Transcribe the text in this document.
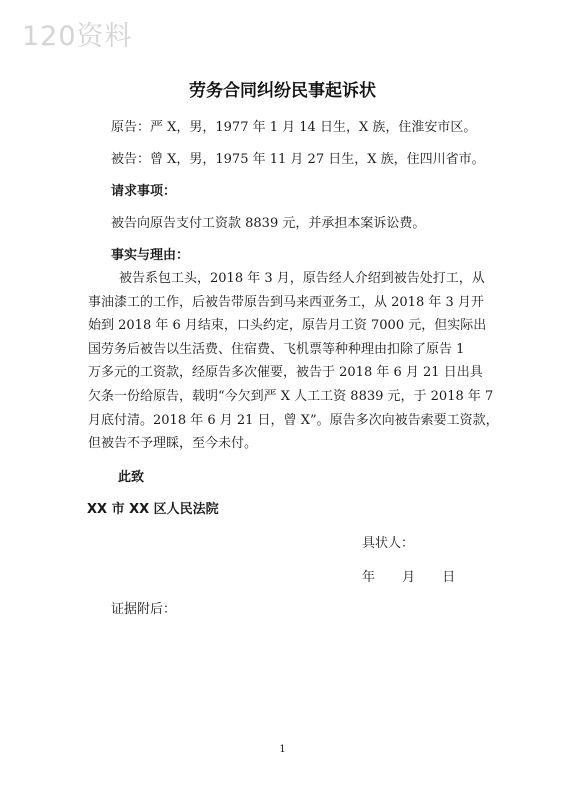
120资料
劳务合同纠纷民事起诉状
原告：严 X，男，1977 年 1 月 14 日生，X 族，住淮安市区。
被告：曾 X，男，1975 年 11 月 27 日生，X 族，住四川省市。
请求事项：
被告向原告支付工资款 8839 元，并承担本案诉讼费。
事实与理由：
　被告系包工头，2018 年 3 月，原告经人介绍到被告处打工，从
事油漆工的工作，后被告带原告到马来西亚务工，从 2018 年 3 月开
始到 2018 年 6 月结束，口头约定，原告月工资 7000 元，但实际出
国劳务后被告以生活费、住宿费、飞机票等种种理由扣除了原告 1
万多元的工资款，经原告多次催要，被告于 2018 年 6 月 21 日出具
欠条一份给原告，载明“今欠到严 X 人工工资 8839 元，于 2018 年 7
月底付清。2018 年 6 月 21 日，曾 X”。原告多次向被告索要工资款，
但被告不予理睬，至今未付。
此致
XX 市 XX 区人民法院
具状人：
年 月 日
证据附后：
1
